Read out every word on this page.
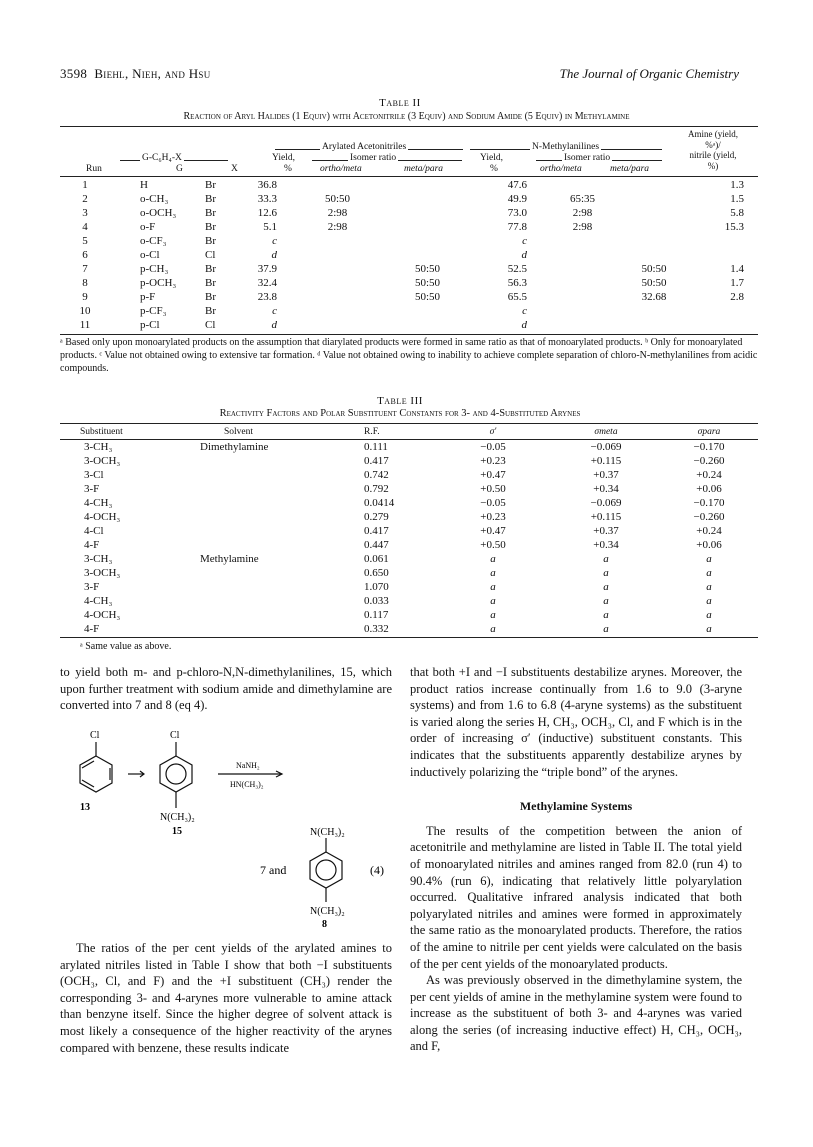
3598 Biehl, Nieh, and Hsu	The Journal of Organic Chemistry
Table II
Reaction of Aryl Halides (1 Equiv) with Acetonitrile (3 Equiv) and Sodium Amide (5 Equiv) in Methylamine
Amine (yield,
%ᵃ)/
nitrile (yield,
%)
Arylated Acetonitriles	N-Methylanilines
G-C₆H₄-X	Isomer ratio	Isomer ratio
Yield,	Yield,
Run	G	X	%	ortho/meta	meta/para	%	ortho/meta	meta/para
1	H	Br	36.8			47.6			1.3
2	o-CH₃	Br	33.3	50:50		49.9	65:35		1.5
3	o-OCH₃	Br	12.6	2:98		73.0	2:98		5.8
4	o-F	Br	5.1	2:98		77.8	2:98		15.3
5	o-CF₃	Br	c			c			
6	o-Cl	Cl	d			d			
7	p-CH₃	Br	37.9		50:50	52.5		50:50	1.4
8	p-OCH₃	Br	32.4		50:50	56.3		50:50	1.7
9	p-F	Br	23.8		50:50	65.5		32.68	2.8
10	p-CF₃	Br	c			c			
11	p-Cl	Cl	d			d			
ᵃ Based only upon monoarylated products on the assumption that diarylated products were formed in same ratio as that of monoarylated products. ᵇ Only for monoarylated products. ᶜ Value not obtained owing to extensive tar formation. ᵈ Value not obtained owing to inability to achieve complete separation of chloro-N-methylanilines from acidic compounds.
Table III
Reactivity Factors and Polar Substituent Constants for 3- and 4-Substituted Arynes
Substituent	Solvent	R.F.	σ′	σmeta	σpara
3-CH₃	Dimethylamine	0.111	−0.05	−0.069	−0.170
3-OCH₃		0.417	+0.23	+0.115	−0.260
3-Cl		0.742	+0.47	+0.37	+0.24
3-F		0.792	+0.50	+0.34	+0.06
4-CH₃		0.0414	−0.05	−0.069	−0.170
4-OCH₃		0.279	+0.23	+0.115	−0.260
4-Cl		0.417	+0.47	+0.37	+0.24
4-F		0.447	+0.50	+0.34	+0.06
3-CH₃	Methylamine	0.061	a	a	a
3-OCH₃		0.650	a	a	a
3-F		1.070	a	a	a
4-CH₃		0.033	a	a	a
4-OCH₃		0.117	a	a	a
4-F		0.332	a	a	a
ᵃ Same value as above.

to yield both m- and p-chloro-N,N-dimethylanilines, 15, which upon further treatment with sodium amide and dimethylamine are converted into 7 and 8 (eq 4).

Cl	Cl
13
N(CH₃)₂
15
NaNH₂
HN(CH₃)₂
7 and	(4)
N(CH₃)₂
N(CH₃)₂
8

The ratios of the per cent yields of the arylated amines to arylated nitriles listed in Table I show that both −I substituents (OCH₃, Cl, and F) and the +I substituent (CH₃) render the corresponding 3- and 4-arynes more vulnerable to amine attack than benzyne itself. Since the higher degree of solvent attack is most likely a consequence of the higher reactivity of the arynes compared with benzene, these results indicate

that both +I and −I substituents destabilize arynes. Moreover, the product ratios increase continually from 1.6 to 9.0 (3-aryne systems) and from 1.6 to 6.8 (4-aryne systems) as the substituent is varied along the series H, CH₃, OCH₃, Cl, and F which is in the order of increasing σ′ (inductive) substituent constants. This indicates that the substituents apparently destabilize arynes by inductively polarizing the “triple bond” of the arynes.

Methylamine Systems

The results of the competition between the anion of acetonitrile and methylamine are listed in Table II. The total yield of monoarylated nitriles and amines ranged from 82.0 (run 4) to 90.4% (run 6), indicating that relatively little polyarylation occurred. Qualitative infrared analysis indicated that both polyarylated nitriles and amines were formed in approximately the same ratio as the monoarylated products. Therefore, the ratios of the amine to nitrile per cent yields were calculated on the basis of the per cent yields of the monoarylated products.

As was previously observed in the dimethylamine system, the per cent yields of amine in the methylamine system were found to increase as the substituent of both 3- and 4-arynes was varied along the series (of increasing inductive effect) H, CH₃, OCH₃, and F,
